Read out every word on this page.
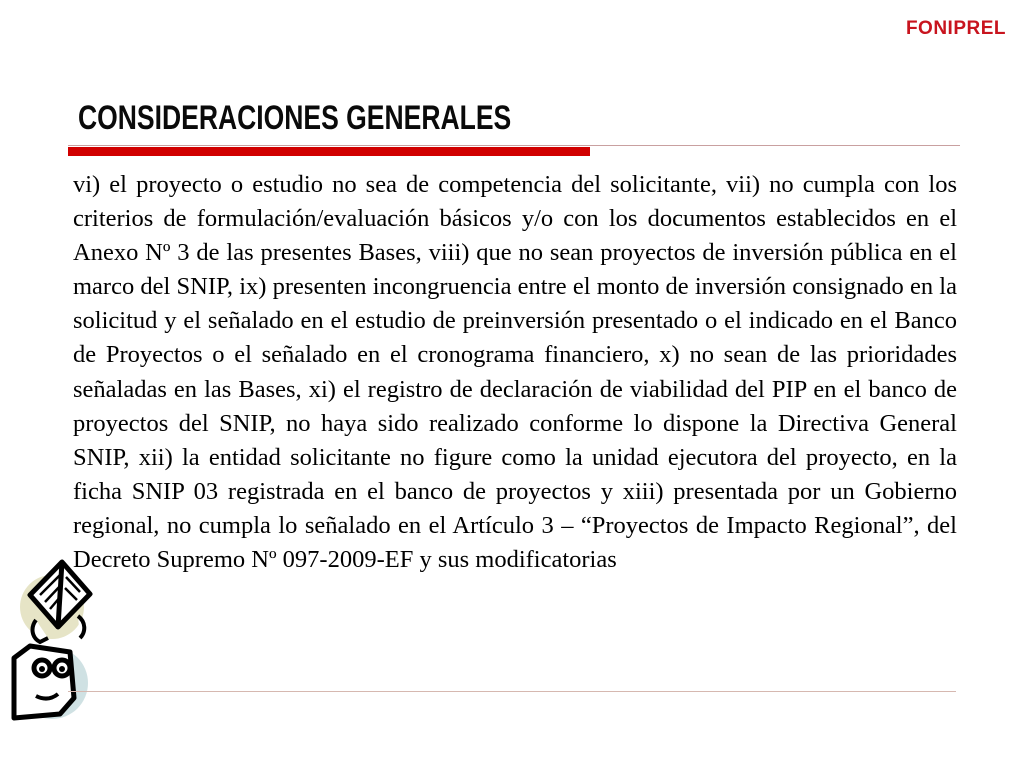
FONIPREL
CONSIDERACIONES GENERALES

vi) el proyecto o estudio no sea de competencia del solicitante, vii) no cumpla con los criterios de formulación/evaluación básicos y/o con los documentos establecidos en el Anexo Nº 3 de las presentes Bases, viii) que no sean proyectos de inversión pública en el marco del SNIP, ix) presenten incongruencia entre el monto de inversión consignado en la solicitud y el señalado en el estudio de preinversión presentado o el indicado en el Banco de Proyectos o el señalado en el cronograma financiero, x) no sean de las prioridades señaladas en las Bases, xi) el registro de declaración de viabilidad del PIP en el banco de proyectos del SNIP, no haya sido realizado conforme lo dispone la Directiva General SNIP, xii) la entidad solicitante no figure como la unidad ejecutora del proyecto, en la ficha SNIP 03 registrada en el banco de proyectos y xiii) presentada por un Gobierno regional, no cumpla lo señalado en el Artículo 3 – “Proyectos de Impacto Regional”, del Decreto Supremo Nº 097-2009-EF y sus modificatorias
